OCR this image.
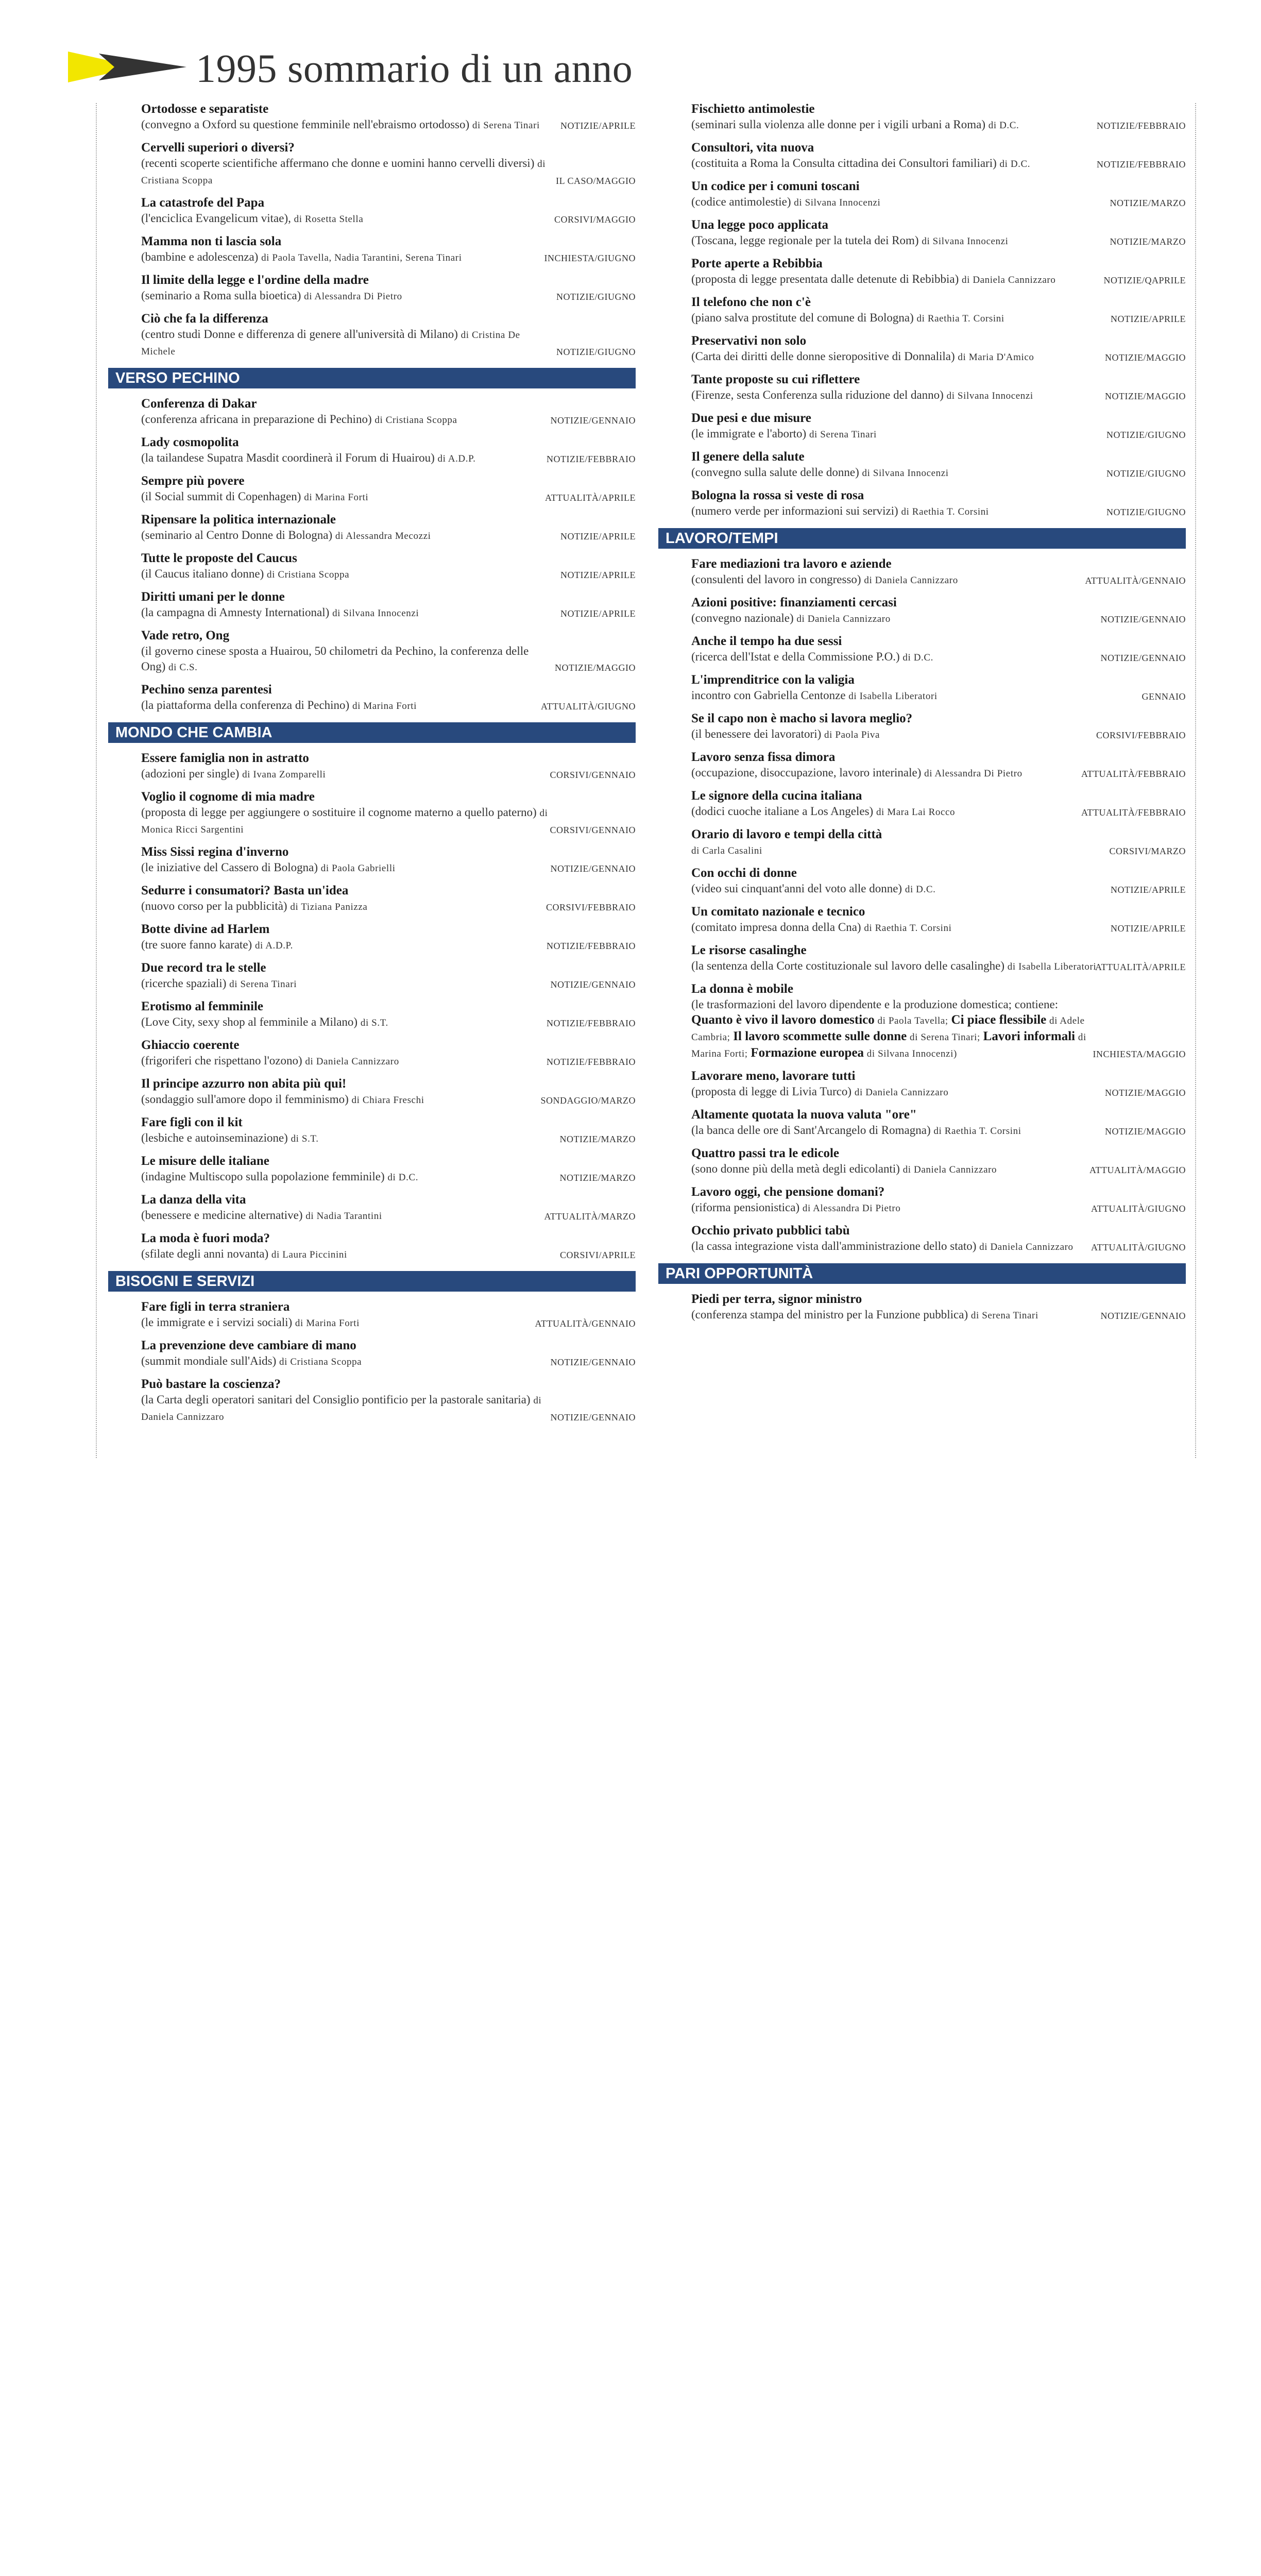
1995 sommario di un anno
Ortodosse e separatiste
(convegno a Oxford su questione femminile nell'ebraismo ortodosso) di Serena Tinari	NOTIZIE/APRILE
Cervelli superiori o diversi?
(recenti scoperte scientifiche affermano che donne e uomini hanno cervelli diversi) di Cristiana Scoppa	IL CASO/MAGGIO
La catastrofe del Papa
(l'enciclica Evangelicum vitae), di Rosetta Stella	CORSIVI/MAGGIO
Mamma non ti lascia sola
(bambine e adolescenza) di Paola Tavella, Nadia Tarantini, Serena Tinari	INCHIESTA/GIUGNO
Il limite della legge e l'ordine della madre
(seminario a Roma sulla bioetica) di Alessandra Di Pietro	NOTIZIE/GIUGNO
Ciò che fa la differenza
(centro studi Donne e differenza di genere all'università di Milano) di Cristina De Michele	NOTIZIE/GIUGNO
VERSO PECHINO
Conferenza di Dakar
(conferenza africana in preparazione di Pechino) di Cristiana Scoppa	NOTIZIE/GENNAIO
Lady cosmopolita
(la tailandese Supatra Masdit coordinerà il Forum di Huairou) di A.D.P.	NOTIZIE/FEBBRAIO
Sempre più povere
(il Social summit di Copenhagen) di Marina Forti	ATTUALITÀ/APRILE
Ripensare la politica internazionale
(seminario al Centro Donne di Bologna) di Alessandra Mecozzi	NOTIZIE/APRILE
Tutte le proposte del Caucus
(il Caucus italiano donne) di Cristiana Scoppa	NOTIZIE/APRILE
Diritti umani per le donne
(la campagna di Amnesty International) di Silvana Innocenzi	NOTIZIE/APRILE
Vade retro, Ong
(il governo cinese sposta a Huairou, 50 chilometri da Pechino, la conferenza delle Ong) di C.S.	NOTIZIE/MAGGIO
Pechino senza parentesi
(la piattaforma della conferenza di Pechino) di Marina Forti	ATTUALITÀ/GIUGNO
MONDO CHE CAMBIA
Essere famiglia non in astratto
(adozioni per single) di Ivana Zomparelli	CORSIVI/GENNAIO
Voglio il cognome di mia madre
(proposta di legge per aggiungere o sostituire il cognome materno a quello paterno) di Monica Ricci Sargentini	CORSIVI/GENNAIO
Miss Sissi regina d'inverno
(le iniziative del Cassero di Bologna) di Paola Gabrielli	NOTIZIE/GENNAIO
Sedurre i consumatori? Basta un'idea
(nuovo corso per la pubblicità) di Tiziana Panizza	CORSIVI/FEBBRAIO
Botte divine ad Harlem
(tre suore fanno karate) di A.D.P.	NOTIZIE/FEBBRAIO
Due record tra le stelle
(ricerche spaziali) di Serena Tinari	NOTIZIE/GENNAIO
Erotismo al femminile
(Love City, sexy shop al femminile a Milano) di S.T.	NOTIZIE/FEBBRAIO
Ghiaccio coerente
(frigoriferi che rispettano l'ozono) di Daniela Cannizzaro	NOTIZIE/FEBBRAIO
Il principe azzurro non abita più qui!
(sondaggio sull'amore dopo il femminismo) di Chiara Freschi	SONDAGGIO/MARZO
Fare figli con il kit
(lesbiche e autoinseminazione) di S.T.	NOTIZIE/MARZO
Le misure delle italiane
(indagine Multiscopo sulla popolazione femminile) di D.C.	NOTIZIE/MARZO
La danza della vita
(benessere e medicine alternative) di Nadia Tarantini	ATTUALITÀ/MARZO
La moda è fuori moda?
(sfilate degli anni novanta) di Laura Piccinini	CORSIVI/APRILE
BISOGNI E SERVIZI
Fare figli in terra straniera
(le immigrate e i servizi sociali) di Marina Forti	ATTUALITÀ/GENNAIO
La prevenzione deve cambiare di mano
(summit mondiale sull'Aids) di Cristiana Scoppa	NOTIZIE/GENNAIO
Può bastare la coscienza?
(la Carta degli operatori sanitari del Consiglio pontificio per la pastorale sanitaria) di Daniela Cannizzaro	NOTIZIE/GENNAIO
Fischietto antimolestie
(seminari sulla violenza alle donne per i vigili urbani a Roma) di D.C.	NOTIZIE/FEBBRAIO
Consultori, vita nuova
(costituita a Roma la Consulta cittadina dei Consultori familiari) di D.C.	NOTIZIE/FEBBRAIO
Un codice per i comuni toscani
(codice antimolestie) di Silvana Innocenzi	NOTIZIE/MARZO
Una legge poco applicata
(Toscana, legge regionale per la tutela dei Rom) di Silvana Innocenzi	NOTIZIE/MARZO
Porte aperte a Rebibbia
(proposta di legge presentata dalle detenute di Rebibbia) di Daniela Cannizzaro	NOTIZIE/QAPRILE
Il telefono che non c'è
(piano salva prostitute del comune di Bologna) di Raethia T. Corsini	NOTIZIE/APRILE
Preservativi non solo
(Carta dei diritti delle donne sieropositive di Donnalila) di Maria D'Amico	NOTIZIE/MAGGIO
Tante proposte su cui riflettere
(Firenze, sesta Conferenza sulla riduzione del danno) di Silvana Innocenzi	NOTIZIE/MAGGIO
Due pesi e due misure
(le immigrate e l'aborto) di Serena Tinari	NOTIZIE/GIUGNO
Il genere della salute
(convegno sulla salute delle donne) di Silvana Innocenzi	NOTIZIE/GIUGNO
Bologna la rossa si veste di rosa
(numero verde per informazioni sui servizi) di Raethia T. Corsini	NOTIZIE/GIUGNO
LAVORO/TEMPI
Fare mediazioni tra lavoro e aziende
(consulenti del lavoro in congresso) di Daniela Cannizzaro	ATTUALITÀ/GENNAIO
Azioni positive: finanziamenti cercasi
(convegno nazionale) di Daniela Cannizzaro	NOTIZIE/GENNAIO
Anche il tempo ha due sessi
(ricerca dell'Istat e della Commissione P.O.) di D.C.	NOTIZIE/GENNAIO
L'imprenditrice con la valigia
incontro con Gabriella Centonze di Isabella Liberatori	GENNAIO
Se il capo non è macho si lavora meglio?
(il benessere dei lavoratori) di Paola Piva	CORSIVI/FEBBRAIO
Lavoro senza fissa dimora
(occupazione, disoccupazione, lavoro interinale) di Alessandra Di Pietro	ATTUALITÀ/FEBBRAIO
Le signore della cucina italiana
(dodici cuoche italiane a Los Angeles) di Mara Lai Rocco	ATTUALITÀ/FEBBRAIO
Orario di lavoro e tempi della città
di Carla Casalini	CORSIVI/MARZO
Con occhi di donne
(video sui cinquant'anni del voto alle donne) di D.C.	NOTIZIE/APRILE
Un comitato nazionale e tecnico
(comitato impresa donna della Cna) di Raethia T. Corsini	NOTIZIE/APRILE
Le risorse casalinghe
(la sentenza della Corte costituzionale sul lavoro delle casalinghe) di Isabella Liberatori
ATTUALITÀ/APRILE
La donna è mobile
(le trasformazioni del lavoro dipendente e la produzione domestica; contiene: Quanto è vivo il lavoro domestico di Paola Tavella; Ci piace flessibile di Adele Cambria; Il lavoro scommette sulle donne di Serena Tinari; Lavori informali di Marina Forti; Formazione europea di Silvana Innocenzi)	INCHIESTA/MAGGIO
Lavorare meno, lavorare tutti
(proposta di legge di Livia Turco) di Daniela Cannizzaro	NOTIZIE/MAGGIO
Altamente quotata la nuova valuta "ore"
(la banca delle ore di Sant'Arcangelo di Romagna) di Raethia T. Corsini	NOTIZIE/MAGGIO
Quattro passi tra le edicole
(sono donne più della metà degli edicolanti) di Daniela Cannizzaro	ATTUALITÀ/MAGGIO
Lavoro oggi, che pensione domani?
(riforma pensionistica) di Alessandra Di Pietro	ATTUALITÀ/GIUGNO
Occhio privato pubblici tabù
(la cassa integrazione vista dall'amministrazione dello stato) di Daniela Cannizzaro	ATTUALITÀ/GIUGNO
PARI OPPORTUNITÀ
Piedi per terra, signor ministro
(conferenza stampa del ministro per la Funzione pubblica) di Serena Tinari	NOTIZIE/GENNAIO
